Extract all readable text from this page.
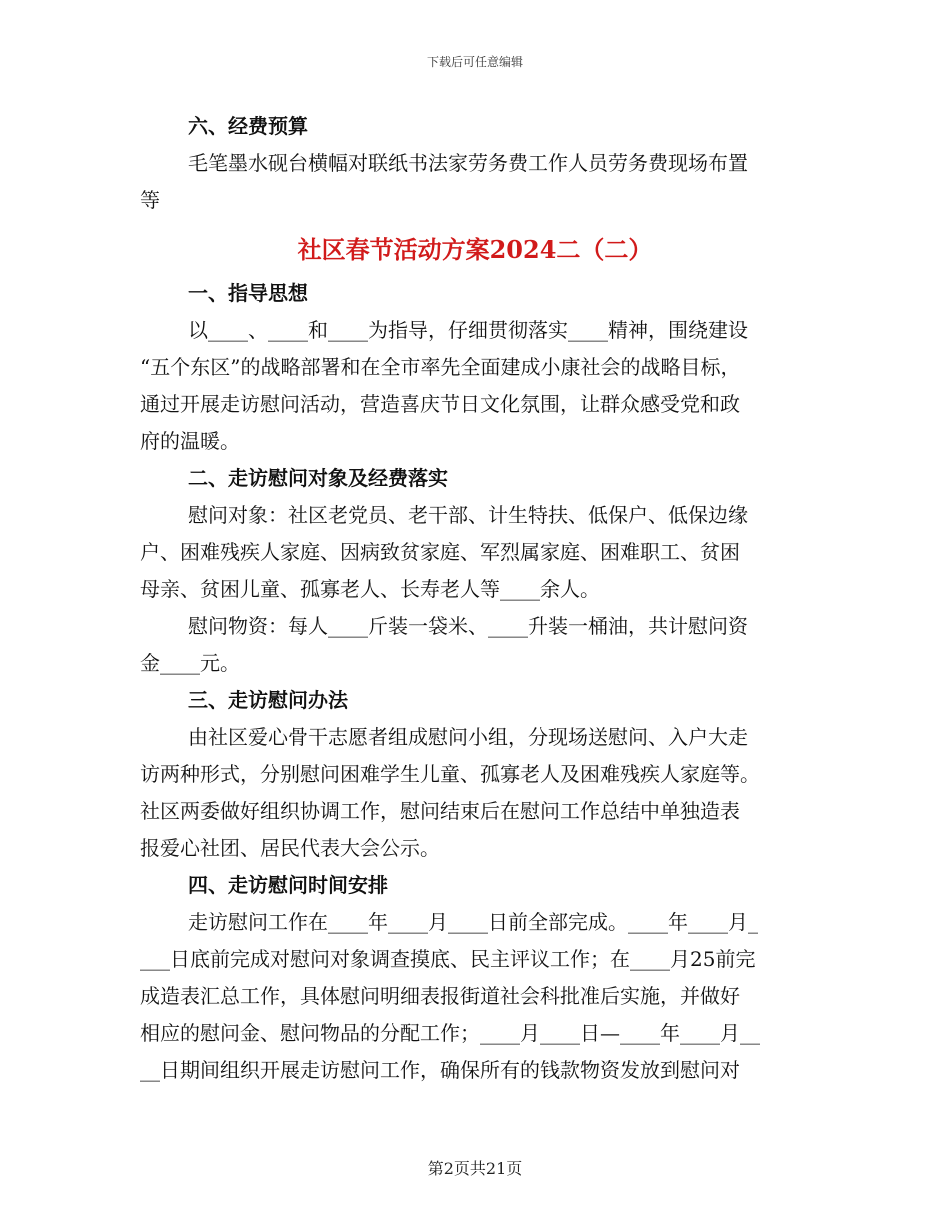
下载后可任意编辑

六、经费预算

毛笔墨水砚台横幅对联纸书法家劳务费工作人员劳务费现场布置
等

社区春节活动方案2024二（二）

一、指导思想

以____、____和____为指导，仔细贯彻落实____精神，围绕建设
“五个东区”的战略部署和在全市率先全面建成小康社会的战略目标，
通过开展走访慰问活动，营造喜庆节日文化氛围，让群众感受党和政
府的温暖。

二、走访慰问对象及经费落实

慰问对象：社区老党员、老干部、计生特扶、低保户、低保边缘
户、困难残疾人家庭、因病致贫家庭、军烈属家庭、困难职工、贫困
母亲、贫困儿童、孤寡老人、长寿老人等____余人。

慰问物资：每人____斤装一袋米、____升装一桶油，共计慰问资
金____元。

三、走访慰问办法

由社区爱心骨干志愿者组成慰问小组，分现场送慰问、入户大走
访两种形式，分别慰问困难学生儿童、孤寡老人及困难残疾人家庭等。
社区两委做好组织协调工作，慰问结束后在慰问工作总结中单独造表
报爱心社团、居民代表大会公示。

四、走访慰问时间安排

走访慰问工作在____年____月____日前全部完成。____年____月_
___日底前完成对慰问对象调查摸底、民主评议工作；在____月25前完
成造表汇总工作，具体慰问明细表报街道社会科批准后实施，并做好
相应的慰问金、慰问物品的分配工作；____月____日—____年____月__
__日期间组织开展走访慰问工作，确保所有的钱款物资发放到慰问对

第2页共21页
